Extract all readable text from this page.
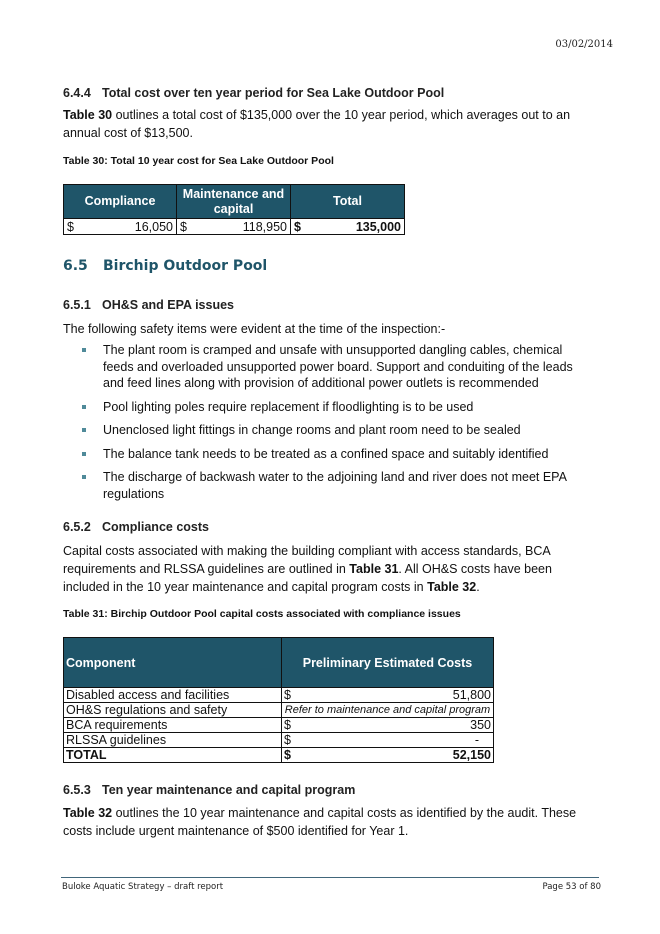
03/02/2014
6.4.4 Total cost over ten year period for Sea Lake Outdoor Pool
Table 30 outlines a total cost of $135,000 over the 10 year period, which averages out to an annual cost of $13,500.
Table 30: Total 10 year cost for Sea Lake Outdoor Pool
Compliance	Maintenance and capital	Total

$ 16,050	$ 118,950	$ 135,000
6.5 Birchip Outdoor Pool
6.5.1 OH&S and EPA issues
The following safety items were evident at the time of the inspection:-
The plant room is cramped and unsafe with unsupported dangling cables, chemical feeds and overloaded unsupported power board. Support and conduiting of the leads and feed lines along with provision of additional power outlets is recommended
Pool lighting poles require replacement if floodlighting is to be used
Unenclosed light fittings in change rooms and plant room need to be sealed
The balance tank needs to be treated as a confined space and suitably identified
The discharge of backwash water to the adjoining land and river does not meet EPA regulations
6.5.2 Compliance costs
Capital costs associated with making the building compliant with access standards, BCA requirements and RLSSA guidelines are outlined in Table 31. All OH&S costs have been included in the 10 year maintenance and capital program costs in Table 32.
Table 31: Birchip Outdoor Pool capital costs associated with compliance issues
Component	Preliminary Estimated Costs
Disabled access and facilities	$ 51,800

OH&S regulations and safety	Refer to maintenance and capital program
BCA requirements	$ 350

RLSSA guidelines	$ -

TOTAL	$ 52,150
6.5.3 Ten year maintenance and capital program
Table 32 outlines the 10 year maintenance and capital costs as identified by the audit. These costs include urgent maintenance of $500 identified for Year 1.
Buloke Aquatic Strategy – draft report	Page 53 of 80
